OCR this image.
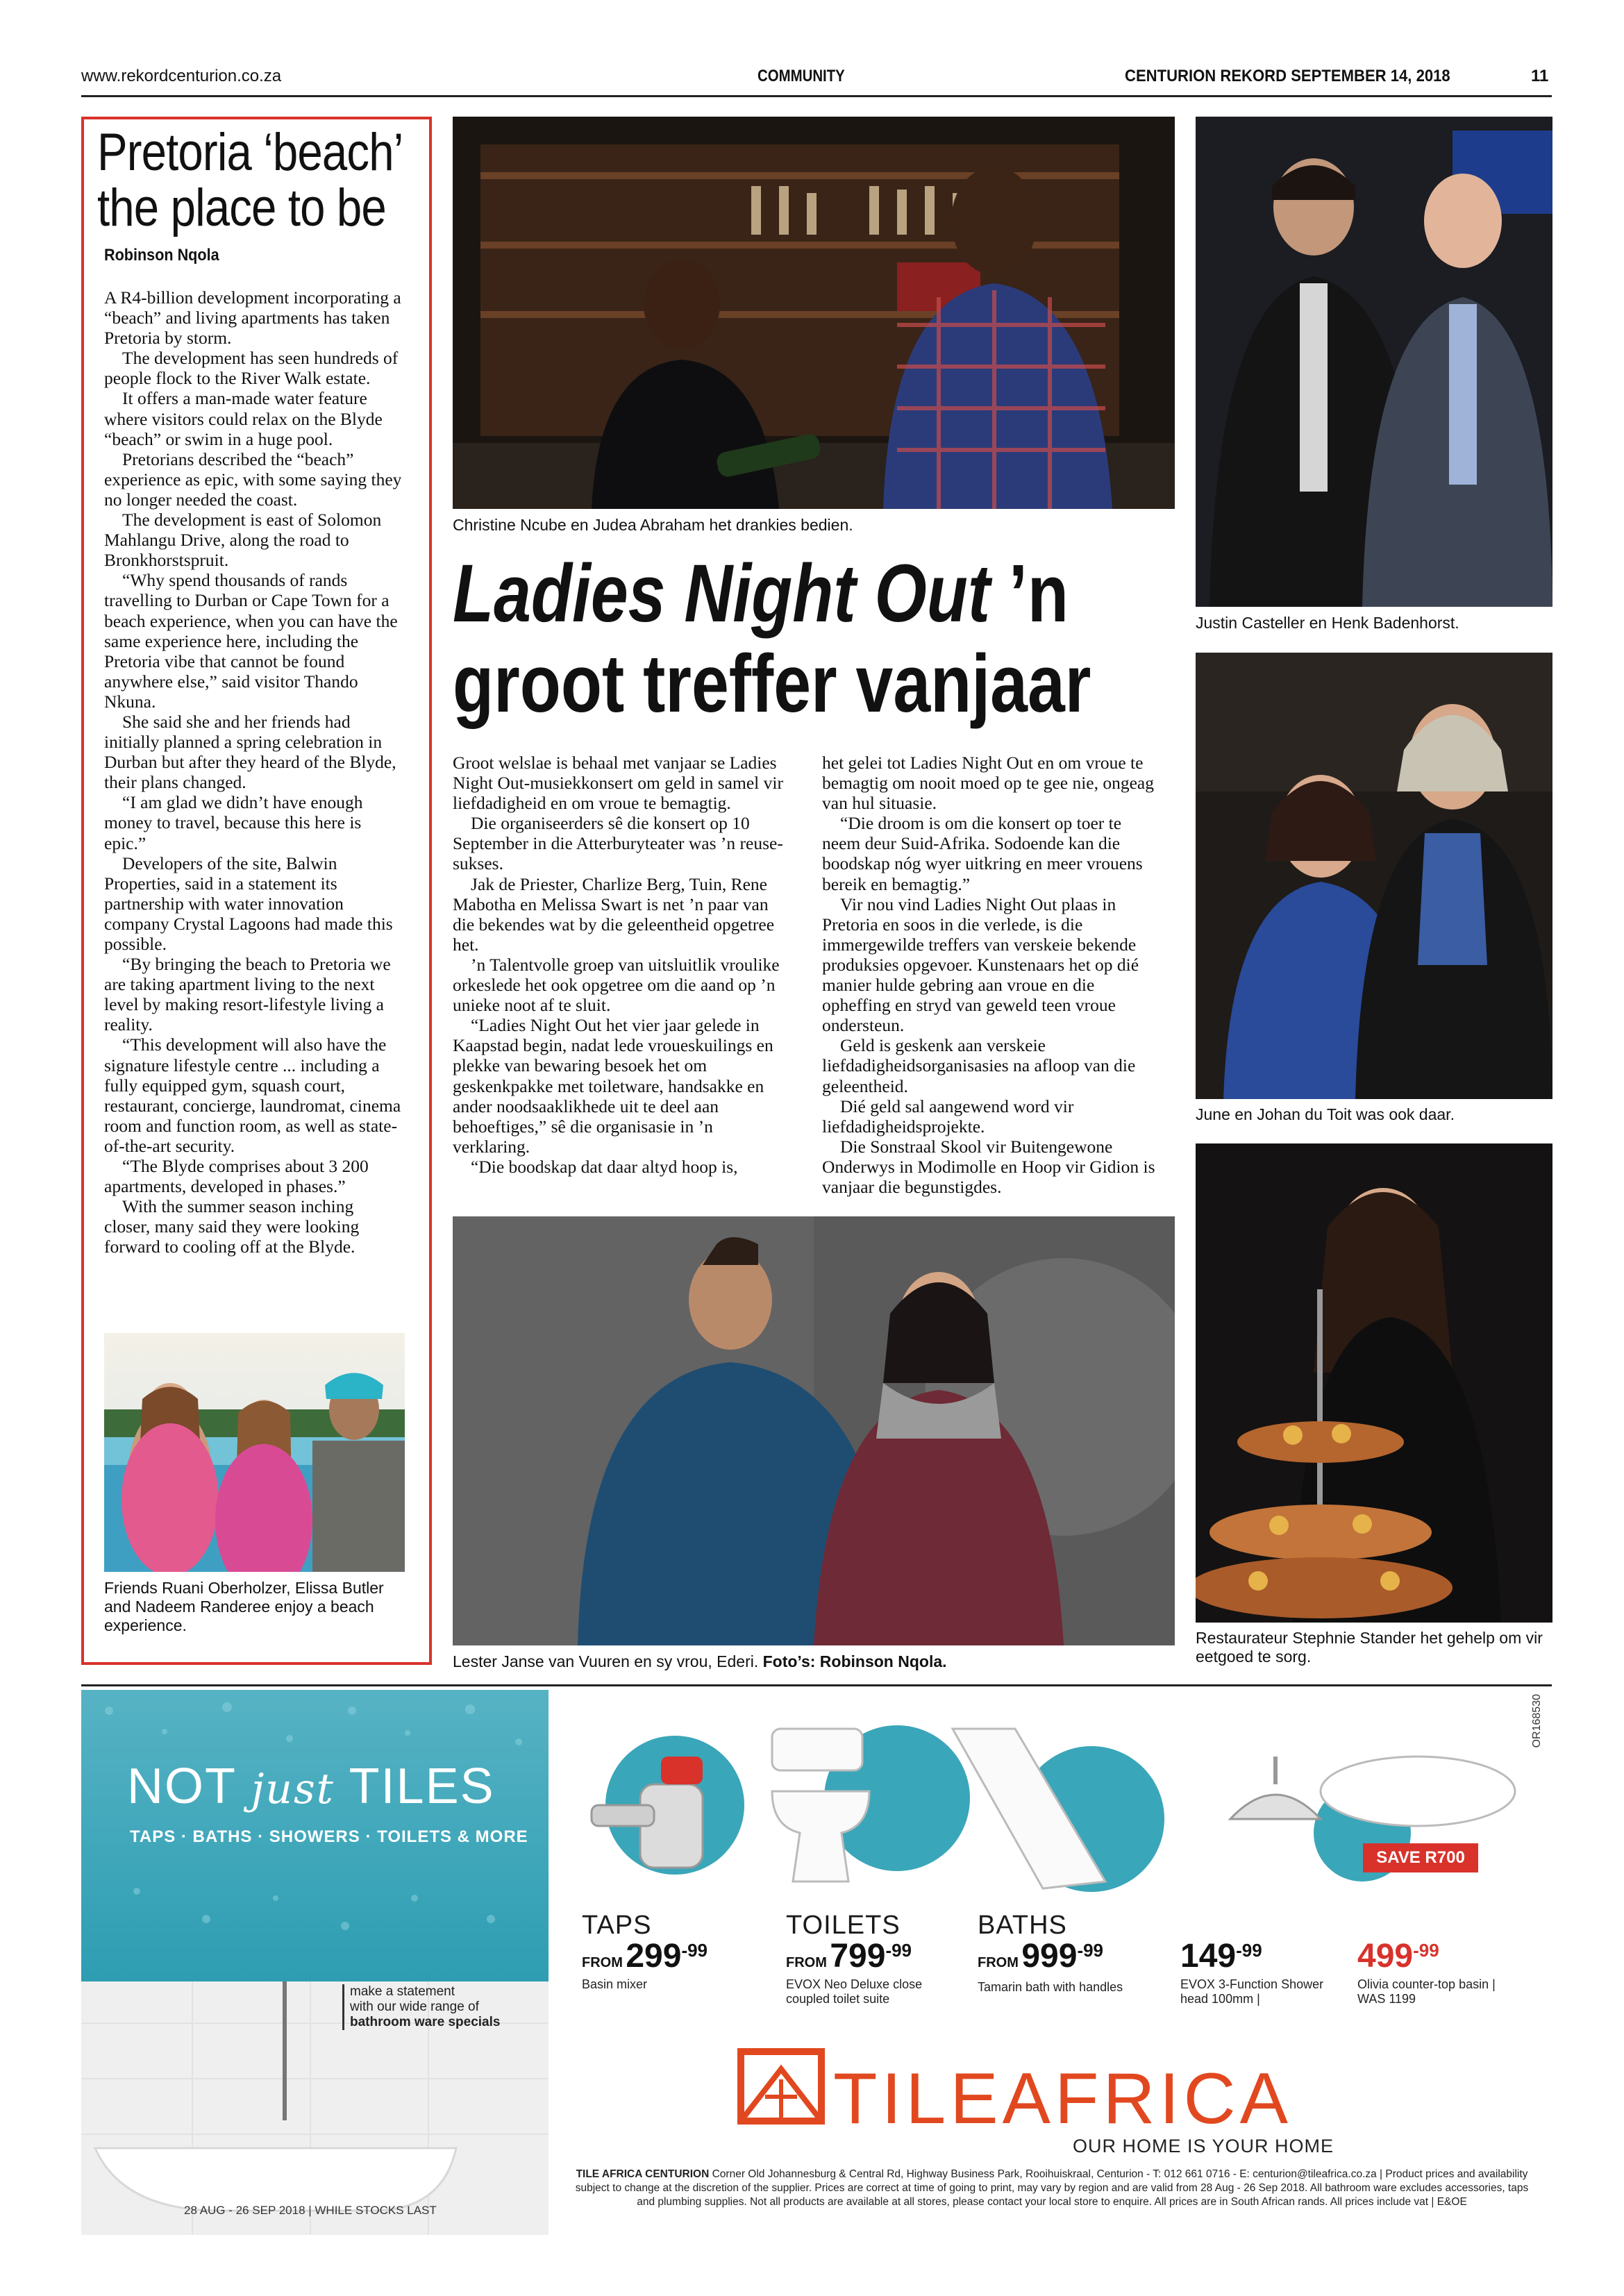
www.rekordcenturion.co.za	COMMUNITY	CENTURION REKORD SEPTEMBER 14, 2018	11
Pretoria ‘beach’
the place to be
Robinson Nqola

A R4-billion development incorporating a “beach” and living apartments has taken Pretoria by storm.

The development has seen hundreds of people flock to the River Walk estate.

It offers a man-made water feature where visitors could relax on the Blyde “beach” or swim in a huge pool.

Pretorians described the “beach” experience as epic, with some saying they no longer needed the coast.

The development is east of Solomon Mahlangu Drive, along the road to Bronkhorstspruit.

“Why spend thousands of rands travelling to Durban or Cape Town for a beach experience, when you can have the same experience here, including the Pretoria vibe that cannot be found anywhere else,” said visitor Thando Nkuna.

She said she and her friends had initially planned a spring celebration in Durban but after they heard of the Blyde, their plans changed.

“I am glad we didn’t have enough money to travel, because this here is epic.”

Developers of the site, Balwin Properties, said in a statement its partnership with water innovation company Crystal Lagoons had made this possible.

“By bringing the beach to Pretoria we are taking apartment living to the next level by making resort-lifestyle living a reality.

“This development will also have the signature lifestyle centre ... including a fully equipped gym, squash court, restaurant, concierge, laundromat, cinema room and function room, as well as state-of-the-art security.

“The Blyde comprises about 3 200 apartments, developed in phases.”

With the summer season inching closer, many said they were looking forward to cooling off at the Blyde.

Friends Ruani Oberholzer, Elissa Butler and Nadeem Randeree enjoy a beach experience.
Christine Ncube en Judea Abraham het drankies bedien.
Ladies Night Out ’n
groot treffer vanjaar

Groot welslae is behaal met vanjaar se Ladies Night Out-musiekkonsert om geld in samel vir liefdadigheid en om vroue te bemagtig.

Die organiseerders sê die konsert op 10 September in die Atterburyteater was ’n reuse-sukses.

Jak de Priester, Charlize Berg, Tuin, Rene Mabotha en Melissa Swart is net ’n paar van die bekendes wat by die geleentheid opgetree het.

’n Talentvolle groep van uitsluitlik vroulike orkeslede het ook opgetree om die aand op ’n unieke noot af te sluit.

“Ladies Night Out het vier jaar gelede in Kaapstad begin, nadat lede vroueskuilings en plekke van bewaring besoek het om geskenkpakke met toiletware, handsakke en ander noodsaaklikhede uit te deel aan behoeftiges,” sê die organisasie in ’n verklaring.

“Die boodskap dat daar altyd hoop is,

het gelei tot Ladies Night Out en om vroue te bemagtig om nooit moed op te gee nie, ongeag van hul situasie.

“Die droom is om die konsert op toer te neem deur Suid-Afrika. Sodoende kan die boodskap nóg wyer uitkring en meer vrouens bereik en bemagtig.”

Vir nou vind Ladies Night Out plaas in Pretoria en soos in die verlede, is die immergewilde treffers van verskeie bekende produksies opgevoer. Kunstenaars het op dié manier hulde gebring aan vroue en die opheffing en stryd van geweld teen vroue ondersteun.

Geld is geskenk aan verskeie liefdadigheidsorganisasies na afloop van die geleentheid.

Dié geld sal aangewend word vir liefdadigheidsprojekte.

Die Sonstraal Skool vir Buitengewone Onderwys in Modimolle en Hoop vir Gidion is vanjaar die begunstigdes.

Lester Janse van Vuuren en sy vrou, Ederi. Foto’s: Robinson Nqola.
Justin Casteller en Henk Badenhorst.
June en Johan du Toit was ook daar.
Restaurateur Stephnie Stander het gehelp om vir eetgoed te sorg.
NOT just TILES
TAPS · BATHS · SHOWERS · TOILETS & MORE
make a statement
with our wide range of
bathroom ware specials
28 AUG - 26 SEP 2018 | WHILE STOCKS LAST
SAVE R700
OR168530
TAPS
FROM 299-99
Basin mixer
TOILETS
FROM 799-99
EVOX Neo Deluxe close coupled toilet suite
BATHS
FROM 999-99
Tamarin bath with handles
149-99
EVOX 3-Function Shower head 100mm |
499-99
Olivia counter-top basin | WAS 1199
TILEAFRICA
OUR HOME IS YOUR HOME
TILE AFRICA CENTURION Corner Old Johannesburg & Central Rd, Highway Business Park, Rooihuiskraal, Centurion - T: 012 661 0716 - E: centurion@tileafrica.co.za | Product prices and availability subject to change at the discretion of the supplier. Prices are correct at time of going to print, may vary by region and are valid from 28 Aug - 26 Sep 2018. All bathroom ware excludes accessories, taps and plumbing supplies. Not all products are available at all stores, please contact your local store to enquire. All prices are in South African rands. All prices include vat | E&OE
